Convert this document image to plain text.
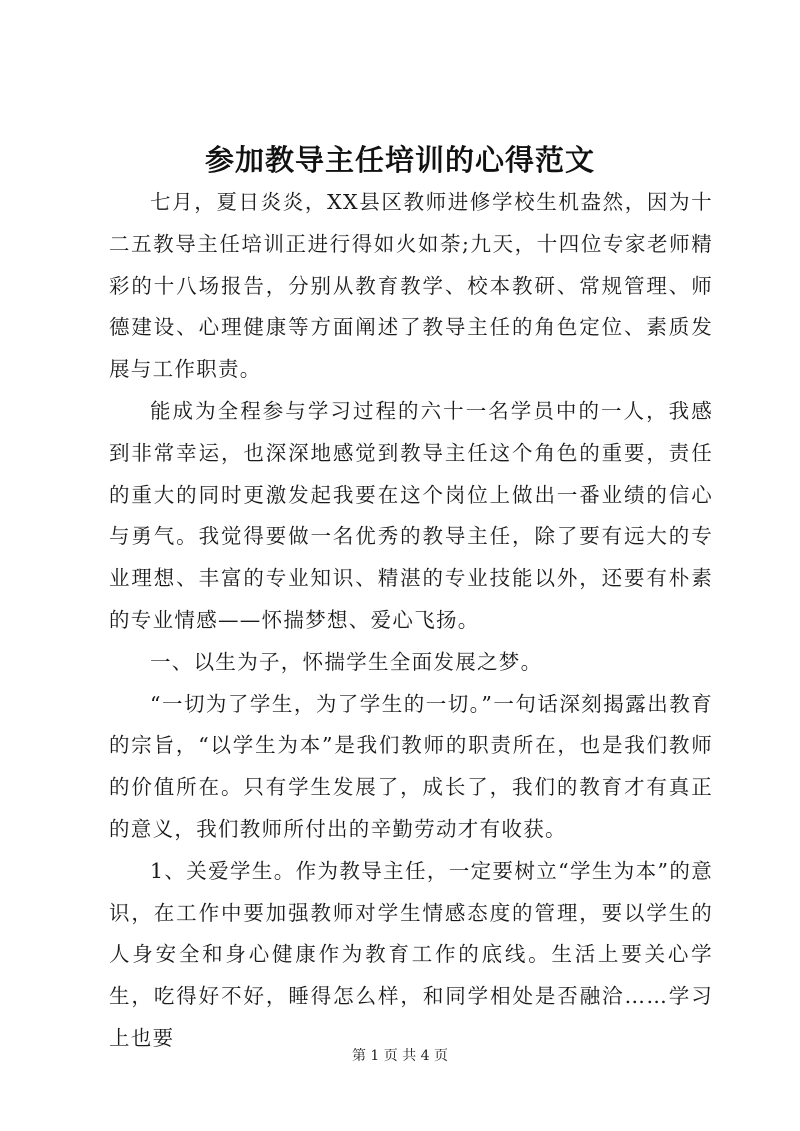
参加教导主任培训的心得范文

七月，夏日炎炎，XX县区教师进修学校生机盎然，因为十二五教导主任培训正进行得如火如荼;九天，十四位专家老师精彩的十八场报告，分别从教育教学、校本教研、常规管理、师德建设、心理健康等方面阐述了教导主任的角色定位、素质发展与工作职责。

能成为全程参与学习过程的六十一名学员中的一人，我感到非常幸运，也深深地感觉到教导主任这个角色的重要，责任的重大的同时更激发起我要在这个岗位上做出一番业绩的信心与勇气。我觉得要做一名优秀的教导主任，除了要有远大的专业理想、丰富的专业知识、精湛的专业技能以外，还要有朴素的专业情感——怀揣梦想、爱心飞扬。

一、以生为子，怀揣学生全面发展之梦。

“一切为了学生，为了学生的一切。”一句话深刻揭露出教育的宗旨，“以学生为本”是我们教师的职责所在，也是我们教师的价值所在。只有学生发展了，成长了，我们的教育才有真正的意义，我们教师所付出的辛勤劳动才有收获。

1、关爱学生。作为教导主任，一定要树立“学生为本”的意识，在工作中要加强教师对学生情感态度的管理，要以学生的人身安全和身心健康作为教育工作的底线。生活上要关心学生，吃得好不好，睡得怎么样，和同学相处是否融洽……学习上也要

第 1 页 共 4 页
